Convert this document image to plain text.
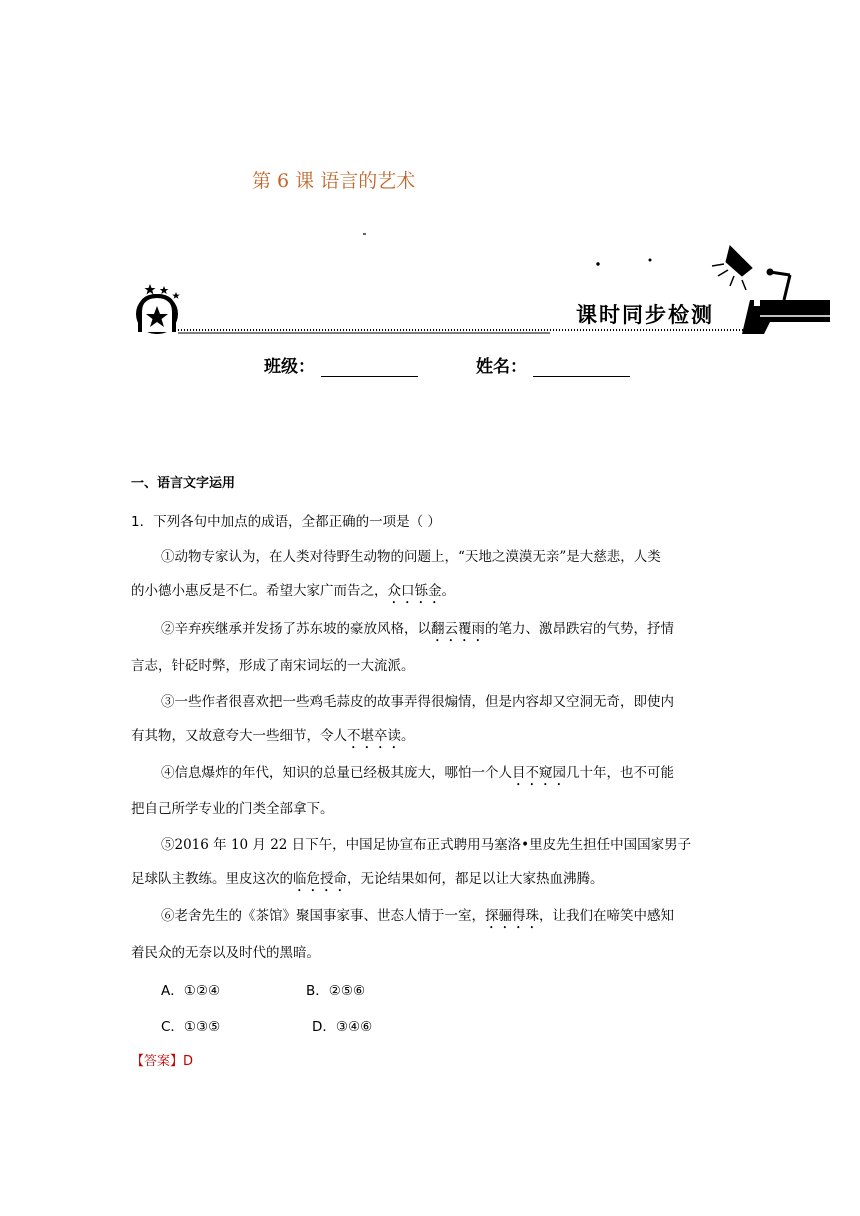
第 6 课 语言的艺术
课时同步检测
班级：	姓名：
一、语言文字运用
1．下列各句中加点的成语，全都正确的一项是（ ）
①动物专家认为，在人类对待野生动物的问题上，“天地之漠漠无亲”是大慈悲，人类
的小德小惠反是不仁。希望大家广而告之，众口铄金。
②辛弃疾继承并发扬了苏东坡的豪放风格，以翻云覆雨的笔力、激昂跌宕的气势，抒情
言志，针砭时弊，形成了南宋词坛的一大流派。
③一些作者很喜欢把一些鸡毛蒜皮的故事弄得很煽情，但是内容却又空洞无奇，即使内
有其物，又故意夸大一些细节，令人不堪卒读。
④信息爆炸的年代，知识的总量已经极其庞大，哪怕一个人目不窥园几十年，也不可能
把自己所学专业的门类全部拿下。
⑤2016 年 10 月 22 日下午，中国足协宣布正式聘用马塞洛•里皮先生担任中国国家男子
足球队主教练。里皮这次的临危授命，无论结果如何，都足以让大家热血沸腾。
⑥老舍先生的《茶馆》聚国事家事、世态人情于一室，探骊得珠，让我们在啼笑中感知
着民众的无奈以及时代的黑暗。
A．①②④	B．②⑤⑥
C．①③⑤	D．③④⑥
【答案】D
